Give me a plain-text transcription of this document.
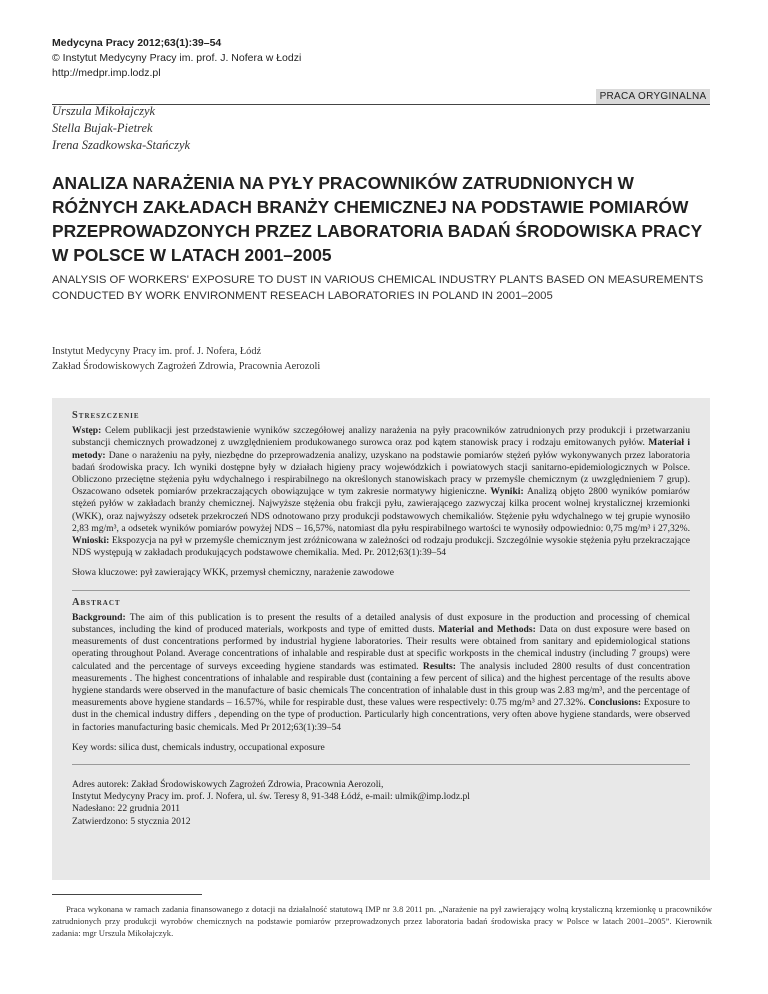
Medycyna Pracy 2012;63(1):39–54
© Instytut Medycyny Pracy im. prof. J. Nofera w Łodzi
http://medpr.imp.lodz.pl
PRACA ORYGINALNA
Urszula Mikołajczyk
Stella Bujak-Pietrek
Irena Szadkowska-Stańczyk
ANALIZA NARAŻENIA NA PYŁY PRACOWNIKÓW ZATRUDNIONYCH W RÓŻNYCH ZAKŁADACH BRANŻY CHEMICZNEJ NA PODSTAWIE POMIARÓW PRZEPROWADZONYCH PRZEZ LABORATORIA BADAŃ ŚRODOWISKA PRACY W POLSCE W LATACH 2001–2005
ANALYSIS OF WORKERS' EXPOSURE TO DUST IN VARIOUS CHEMICAL INDUSTRY PLANTS BASED ON MEASUREMENTS CONDUCTED BY WORK ENVIRONMENT RESEACH LABORATORIES IN POLAND IN 2001–2005
Instytut Medycyny Pracy im. prof. J. Nofera, Łódź
Zakład Środowiskowych Zagrożeń Zdrowia, Pracownia Aerozoli
Streszczenie

Wstęp: Celem publikacji jest przedstawienie wyników szczegółowej analizy narażenia na pyły pracowników zatrudnionych przy produkcji i przetwarzaniu substancji chemicznych prowadzonej z uwzględnieniem produkowanego surowca oraz pod kątem stanowisk pracy i rodzaju emitowanych pyłów. Materiał i metody: Dane o narażeniu na pyły, niezbędne do przeprowadzenia analizy, uzyskano na podstawie pomiarów stężeń pyłów wykonywanych przez laboratoria badań środowiska pracy. Ich wyniki dostępne były w działach higieny pracy wojewódzkich i powiatowych stacji sanitarno-epidemiologicznych w Polsce. Obliczono przeciętne stężenia pyłu wdychalnego i respirabilnego na określonych stanowiskach pracy w przemyśle chemicznym (z uwzględnieniem 7 grup). Oszacowano odsetek pomiarów przekraczających obowiązujące w tym zakresie normatywy higieniczne. Wyniki: Analizą objęto 2800 wyników pomiarów stężeń pyłów w zakładach branży chemicznej. Najwyższe stężenia obu frakcji pyłu, zawierającego zazwyczaj kilka procent wolnej krystalicznej krzemionki (WKK), oraz najwyższy odsetek przekroczeń NDS odnotowano przy produkcji podstawowych chemikaliów. Stężenie pyłu wdychalnego w tej grupie wynosiło 2,83 mg/m³, a odsetek wyników pomiarów powyżej NDS – 16,57%, natomiast dla pyłu respirabilnego wartości te wynosiły odpowiednio: 0,75 mg/m³ i 27,32%. Wnioski: Ekspozycja na pył w przemyśle chemicznym jest zróżnicowana w zależności od rodzaju produkcji. Szczególnie wysokie stężenia pyłu przekraczające NDS występują w zakładach produkujących podstawowe chemikalia. Med. Pr. 2012;63(1):39–54

Słowa kluczowe: pył zawierający WKK, przemysł chemiczny, narażenie zawodowe

Abstract

Background: The aim of this publication is to present the results of a detailed analysis of dust exposure in the production and processing of chemical substances, including the kind of produced materials, workposts and type of emitted dusts. Material and Methods: Data on dust exposure were based on measurements of dust concentrations performed by industrial hygiene laboratories. Their results were obtained from sanitary and epidemiological stations operating throughout Poland. Average concentrations of inhalable and respirable dust at specific workposts in the chemical industry (including 7 groups) were calculated and the percentage of surveys exceeding hygiene standards was estimated. Results: The analysis included 2800 results of dust concentration measurements . The highest concentrations of inhalable and respirable dust (containing a few percent of silica) and the highest percentage of the results above hygiene standards were observed in the manufacture of basic chemicals The concentration of inhalable dust in this group was 2.83 mg/m³, and the percentage of measurements above hygiene standards – 16.57%, while for respirable dust, these values were respectively: 0.75 mg/m³ and 27.32%. Conclusions: Exposure to dust in the chemical industry differs , depending on the type of production. Particularly high concentrations, very often above hygiene standards, were observed in factories manufacturing basic chemicals. Med Pr 2012;63(1):39–54

Key words: silica dust, chemicals industry, occupational exposure

Adres autorek: Zakład Środowiskowych Zagrożeń Zdrowia, Pracownia Aerozoli,
Instytut Medycyny Pracy im. prof. J. Nofera, ul. św. Teresy 8, 91-348 Łódź, e-mail: ulmik@imp.lodz.pl
Nadesłano: 22 grudnia 2011
Zatwierdzono: 5 stycznia 2012
Praca wykonana w ramach zadania finansowanego z dotacji na działalność statutową IMP nr 3.8 2011 pn. „Narażenie na pył zawierający wolną krystaliczną krzemionkę u pracowników zatrudnionych przy produkcji wyrobów chemicznych na podstawie pomiarów przeprowadzonych przez laboratoria badań środowiska pracy w Polsce w latach 2001–2005”. Kierownik zadania: mgr Urszula Mikołajczyk.
